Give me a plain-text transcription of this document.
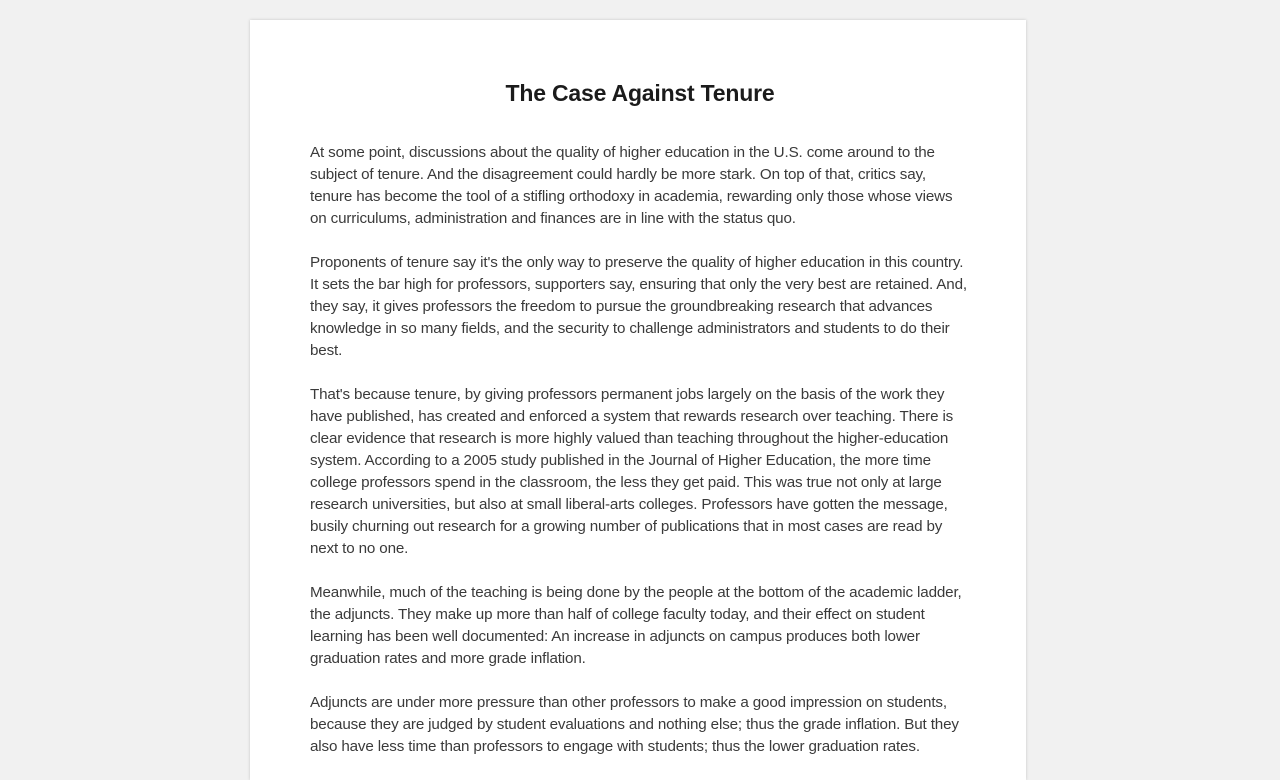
The Case Against Tenure

At some point, discussions about the quality of higher education in the U.S. come around to the subject of tenure. And the disagreement could hardly be more stark. On top of that, critics say, tenure has become the tool of a stifling orthodoxy in academia, rewarding only those whose views on curriculums, administration and finances are in line with the status quo.

Proponents of tenure say it's the only way to preserve the quality of higher education in this country. It sets the bar high for professors, supporters say, ensuring that only the very best are retained. And, they say, it gives professors the freedom to pursue the groundbreaking research that advances knowledge in so many fields, and the security to challenge administrators and students to do their best.

That's because tenure, by giving professors permanent jobs largely on the basis of the work they have published, has created and enforced a system that rewards research over teaching. There is clear evidence that research is more highly valued than teaching throughout the higher-education system. According to a 2005 study published in the Journal of Higher Education, the more time college professors spend in the classroom, the less they get paid. This was true not only at large research universities, but also at small liberal-arts colleges. Professors have gotten the message, busily churning out research for a growing number of publications that in most cases are read by next to no one.

Meanwhile, much of the teaching is being done by the people at the bottom of the academic ladder, the adjuncts. They make up more than half of college faculty today, and their effect on student learning has been well documented: An increase in adjuncts on campus produces both lower graduation rates and more grade inflation.

Adjuncts are under more pressure than other professors to make a good impression on students, because they are judged by student evaluations and nothing else; thus the grade inflation. But they also have less time than professors to engage with students; thus the lower graduation rates.
